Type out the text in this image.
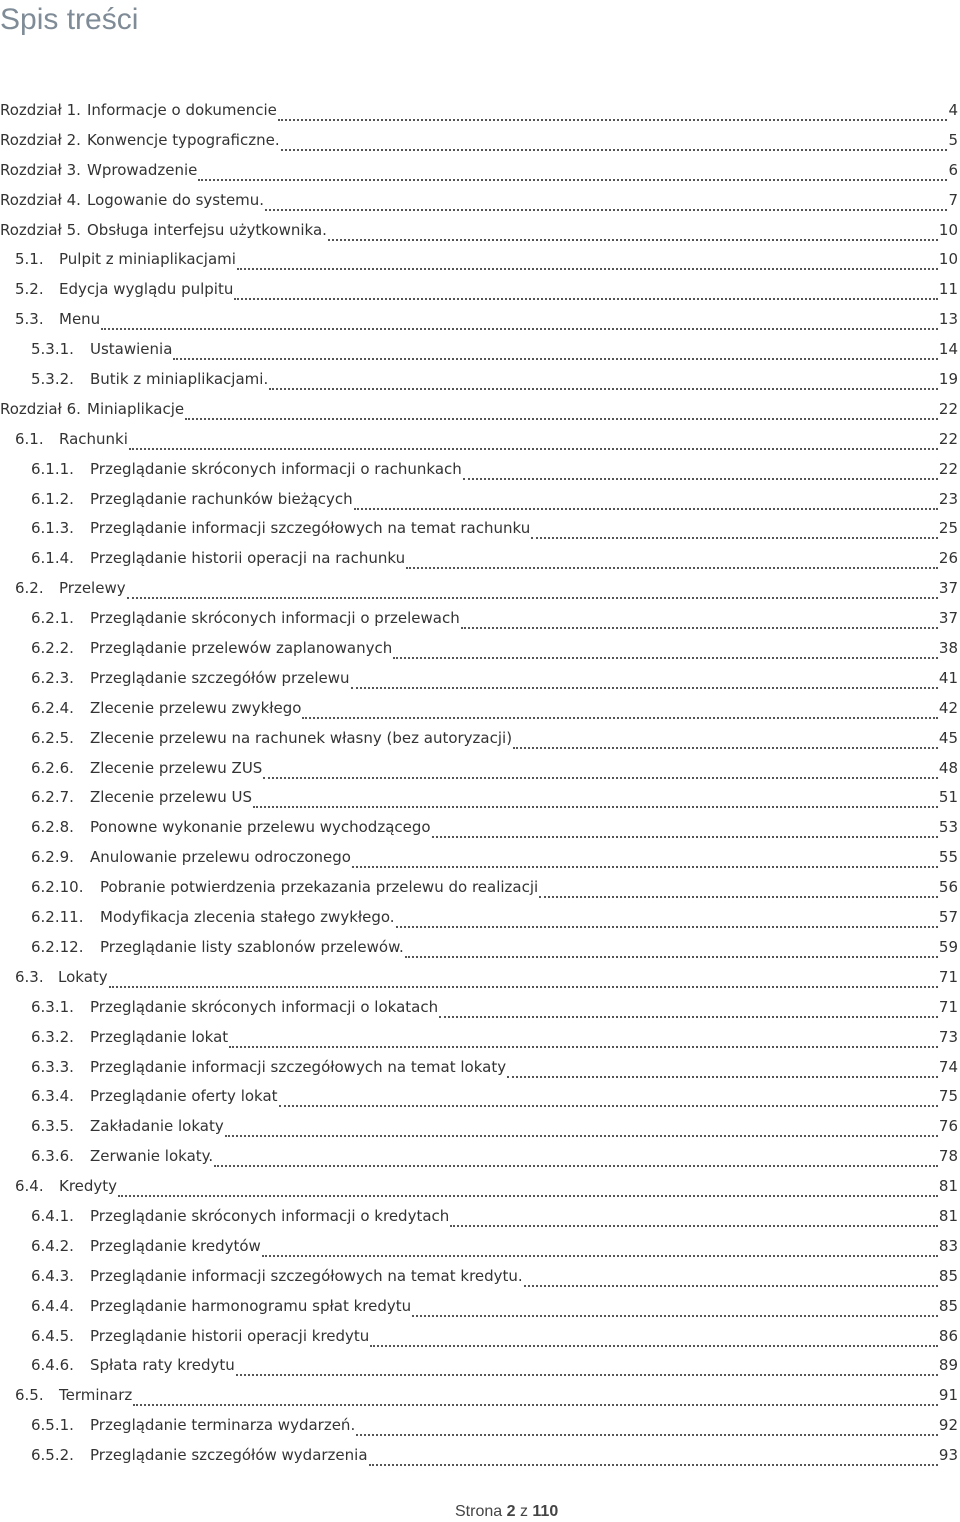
Spis treści
Rozdział 1. Informacje o dokumencie	4
Rozdział 2. Konwencje typograficzne.	5
Rozdział 3. Wprowadzenie	6
Rozdział 4. Logowanie do systemu.	7
Rozdział 5. Obsługa interfejsu użytkownika.	10
5.1.	Pulpit z miniaplikacjami	10
5.2.	Edycja wyglądu pulpitu	11
5.3.	Menu	13
5.3.1.	Ustawienia	14
5.3.2.	Butik z miniaplikacjami.	19
Rozdział 6. Miniaplikacje	22
6.1.	Rachunki	22
6.1.1.	Przeglądanie skróconych informacji o rachunkach	22
6.1.2.	Przeglądanie rachunków bieżących	23
6.1.3.	Przeglądanie informacji szczegółowych na temat rachunku	25
6.1.4.	Przeglądanie historii operacji na rachunku	26
6.2.	Przelewy	37
6.2.1.	Przeglądanie skróconych informacji o przelewach	37
6.2.2.	Przeglądanie przelewów zaplanowanych	38
6.2.3.	Przeglądanie szczegółów przelewu	41
6.2.4.	Zlecenie przelewu zwykłego	42
6.2.5.	Zlecenie przelewu na rachunek własny (bez autoryzacji)	45
6.2.6.	Zlecenie przelewu ZUS	48
6.2.7.	Zlecenie przelewu US	51
6.2.8.	Ponowne wykonanie przelewu wychodzącego	53
6.2.9.	Anulowanie przelewu odroczonego	55
6.2.10.	Pobranie potwierdzenia przekazania przelewu do realizacji	56
6.2.11.	Modyfikacja zlecenia stałego zwykłego.	57
6.2.12.	Przeglądanie listy szablonów przelewów.	59
6.3. Lokaty	71
6.3.1.	Przeglądanie skróconych informacji o lokatach	71
6.3.2.	Przeglądanie lokat	73
6.3.3.	Przeglądanie informacji szczegółowych na temat lokaty	74
6.3.4.	Przeglądanie oferty lokat	75
6.3.5.	Zakładanie lokaty	76
6.3.6.	Zerwanie lokaty.	78
6.4.	Kredyty	81
6.4.1.	Przeglądanie skróconych informacji o kredytach	81
6.4.2.	Przeglądanie kredytów	83
6.4.3.	Przeglądanie informacji szczegółowych na temat kredytu.	85
6.4.4.	Przeglądanie harmonogramu spłat kredytu	85
6.4.5.	Przeglądanie historii operacji kredytu	86
6.4.6.	Spłata raty kredytu	89
6.5.	Terminarz	91
6.5.1.	Przeglądanie terminarza wydarzeń.	92
6.5.2.	Przeglądanie szczegółów wydarzenia	93
Strona 2 z 110
